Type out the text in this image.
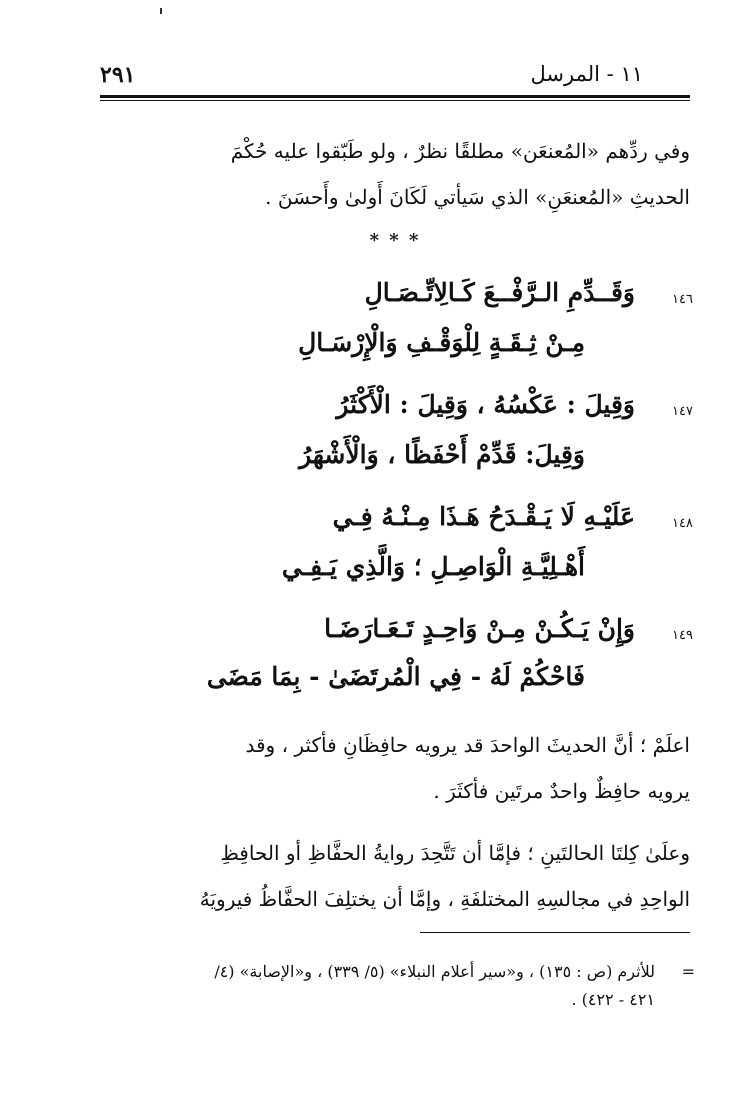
١١ - المرسل
٢٩١
وفي ردِّهم «المُعنعَن» مطلقًا نظرٌ ، ولو طَبّقوا عليه حُكْمَ
الحديثِ «المُعنعَنِ» الذي سَيأتي لَكَانَ أَولىٰ وأَحسَنَ .
* * *
١٤٦
وَقَــدِّمِ الـرَّفْــعَ كَـالِاتِّـصَـالِ
مِـنْ ثِـقَـةٍ لِلْوَقْـفِ وَالْإِرْسَـالِ
١٤٧
وَقِيلَ : عَكْسُهُ ، وَقِيلَ : الْأَكْثَرُ
وَقِيلَ: قَدِّمْ أَحْفَظًا ، وَالْأَشْهَرُ
١٤٨
عَلَيْـهِ لَا يَـقْـدَحُ هَـذَا مِـنْـهُ فِـي
أَهْـلِيَّـةِ الْوَاصِـلِ ؛ وَالَّذِي يَـفِـي
١٤٩
وَإِنْ يَـكُـنْ مِـنْ وَاحِـدٍ تَـعَـارَضَـا
فَاحْكُمْ لَهُ - فِي الْمُرتَضَىٰ - بِمَا مَضَى
اعلَمْ ؛ أنَّ الحديثَ الواحدَ قد يرويه حافِظَانِ فأكثر ، وقد
يرويه حافِظٌ واحدٌ مرتَين فأكثَرَ .
وعلَىٰ كِلتَا الحالتَينِ ؛ فإمَّا أن تَتَّحِدَ روايةُ الحفَّاظِ أو الحافِظِ
الواحِدِ في مجالسِهِ المختلفَةِ ، وإمَّا أن يختلِفَ الحفَّاظُ فيرويَهُ
=
للأثرم (ص : ١٣٥) ، و«سير أعلام النبلاء» (٥/ ٣٣٩) ، و«الإصابة» (٤/
٤٢١ - ٤٢٢) .
